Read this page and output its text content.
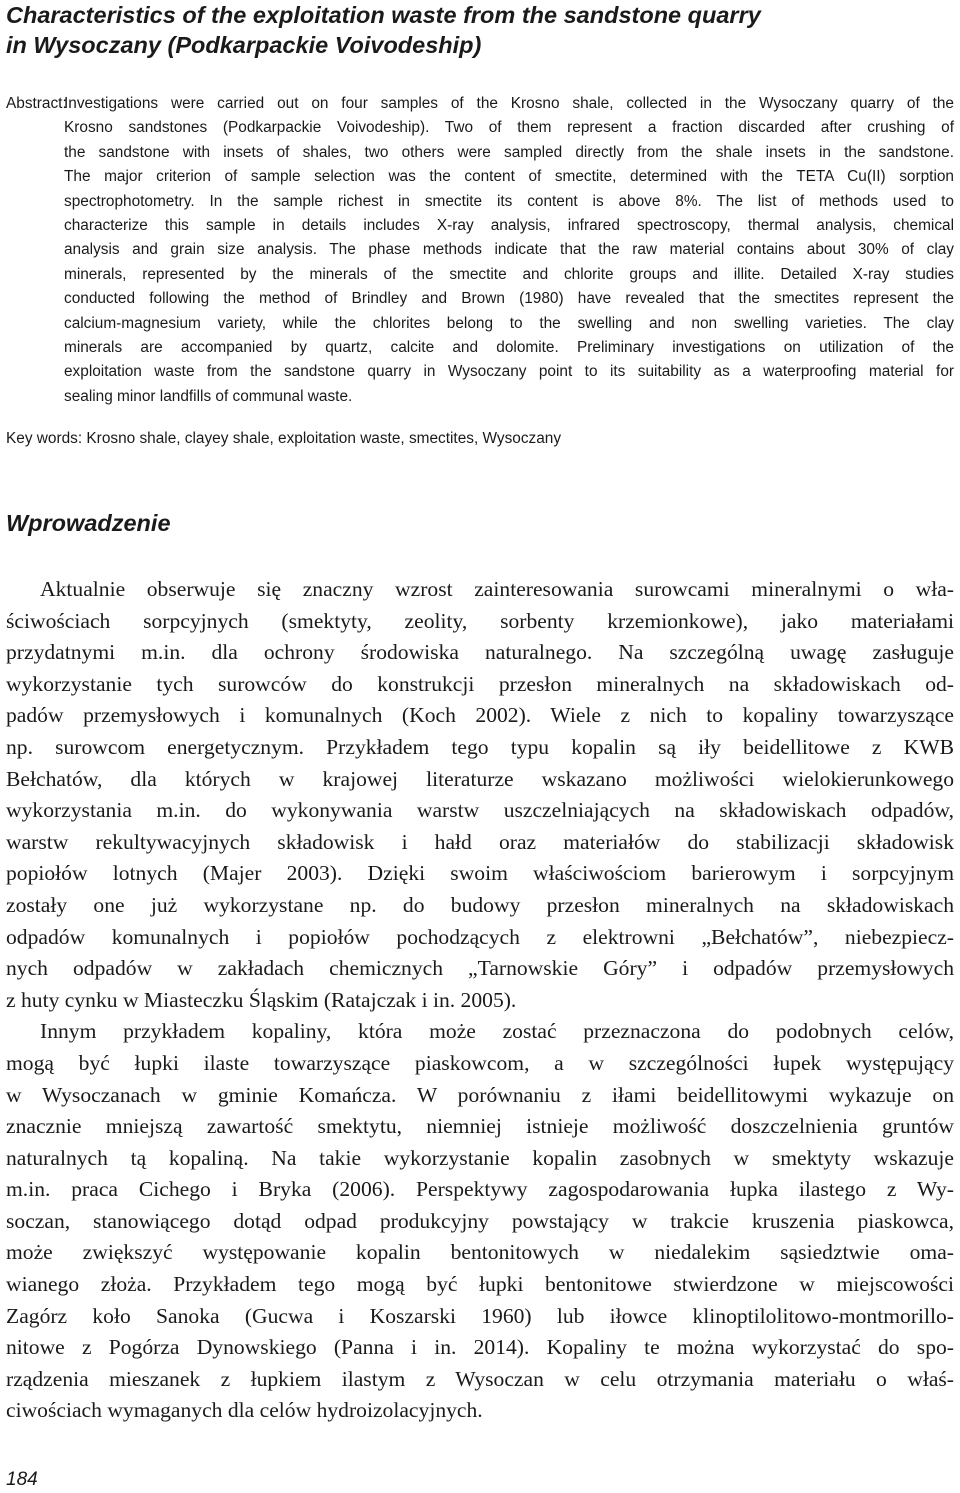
Characteristics of the exploitation waste from the sandstone quarry
in Wysoczany (Podkarpackie Voivodeship)
Abstract:
Investigations were carried out on four samples of the Krosno shale, collected in the Wysoczany quarry of the
Krosno sandstones (Podkarpackie Voivodeship). Two of them represent a fraction discarded after crushing of
the sandstone with insets of shales, two others were sampled directly from the shale insets in the sandstone.
The major criterion of sample selection was the content of smectite, determined with the TETA Cu(II) sorption
spectrophotometry. In the sample richest in smectite its content is above 8%. The list of methods used to
characterize this sample in details includes X-ray analysis, infrared spectroscopy, thermal analysis, chemical
analysis and grain size analysis. The phase methods indicate that the raw material contains about 30% of clay
minerals, represented by the minerals of the smectite and chlorite groups and illite. Detailed X-ray studies
conducted following the method of Brindley and Brown (1980) have revealed that the smectites represent the
calcium-magnesium variety, while the chlorites belong to the swelling and non swelling varieties. The clay
minerals are accompanied by quartz, calcite and dolomite. Preliminary investigations on utilization of the
exploitation waste from the sandstone quarry in Wysoczany point to its suitability as a waterproofing material for
sealing minor landfills of communal waste.
Key words: Krosno shale, clayey shale, exploitation waste, smectites, Wysoczany
Wprowadzenie
Aktualnie obserwuje się znaczny wzrost zainteresowania surowcami mineralnymi o wła-
ściwościach sorpcyjnych (smektyty, zeolity, sorbenty krzemionkowe), jako materiałami
przydatnymi m.in. dla ochrony środowiska naturalnego. Na szczególną uwagę zasługuje
wykorzystanie tych surowców do konstrukcji przesłon mineralnych na składowiskach od-
padów przemysłowych i komunalnych (Koch 2002). Wiele z nich to kopaliny towarzyszące
np. surowcom energetycznym. Przykładem tego typu kopalin są iły beidellitowe z KWB
Bełchatów, dla których w krajowej literaturze wskazano możliwości wielokierunkowego
wykorzystania m.in. do wykonywania warstw uszczelniających na składowiskach odpadów,
warstw rekultywacyjnych składowisk i hałd oraz materiałów do stabilizacji składowisk
popiołów lotnych (Majer 2003). Dzięki swoim właściwościom barierowym i sorpcyjnym
zostały one już wykorzystane np. do budowy przesłon mineralnych na składowiskach
odpadów komunalnych i popiołów pochodzących z elektrowni „Bełchatów”, niebezpiecz-
nych odpadów w zakładach chemicznych „Tarnowskie Góry” i odpadów przemysłowych
z huty cynku w Miasteczku Śląskim (Ratajczak i in. 2005).
Innym przykładem kopaliny, która może zostać przeznaczona do podobnych celów,
mogą być łupki ilaste towarzyszące piaskowcom, a w szczególności łupek występujący
w Wysoczanach w gminie Komańcza. W porównaniu z iłami beidellitowymi wykazuje on
znacznie mniejszą zawartość smektytu, niemniej istnieje możliwość doszczelnienia gruntów
naturalnych tą kopaliną. Na takie wykorzystanie kopalin zasobnych w smektyty wskazuje
m.in. praca Cichego i Bryka (2006). Perspektywy zagospodarowania łupka ilastego z Wy-
soczan, stanowiącego dotąd odpad produkcyjny powstający w trakcie kruszenia piaskowca,
może zwiększyć występowanie kopalin bentonitowych w niedalekim sąsiedztwie oma-
wianego złoża. Przykładem tego mogą być łupki bentonitowe stwierdzone w miejscowości
Zagórz koło Sanoka (Gucwa i Koszarski 1960) lub iłowce klinoptilolitowo-montmorillo-
nitowe z Pogórza Dynowskiego (Panna i in. 2014). Kopaliny te można wykorzystać do spo-
rządzenia mieszanek z łupkiem ilastym z Wysoczan w celu otrzymania materiału o właś-
ciwościach wymaganych dla celów hydroizolacyjnych.
184
